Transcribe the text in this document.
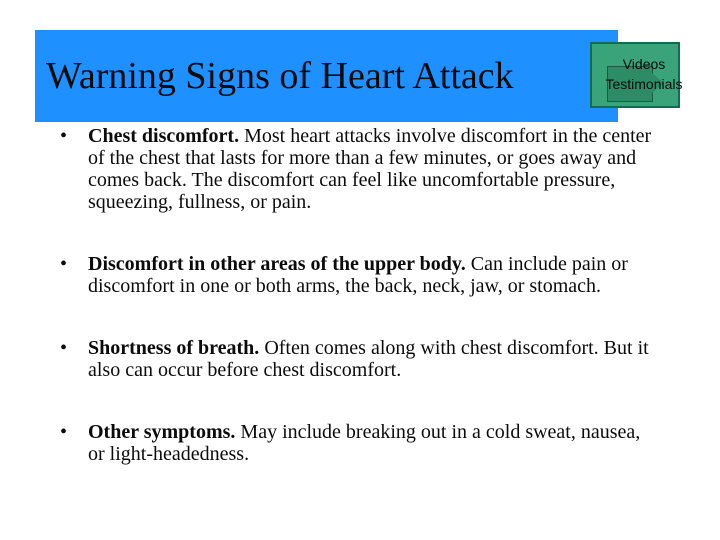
Warning Signs of Heart Attack	Videos
Testimonials
• Chest discomfort. Most heart attacks involve discomfort in the center of the chest that lasts for more than a few minutes, or goes away and comes back. The discomfort can feel like uncomfortable pressure, squeezing, fullness, or pain.
• Discomfort in other areas of the upper body. Can include pain or discomfort in one or both arms, the back, neck, jaw, or stomach.
• Shortness of breath. Often comes along with chest discomfort. But it also can occur before chest discomfort.
• Other symptoms. May include breaking out in a cold sweat, nausea, or light-headedness.
